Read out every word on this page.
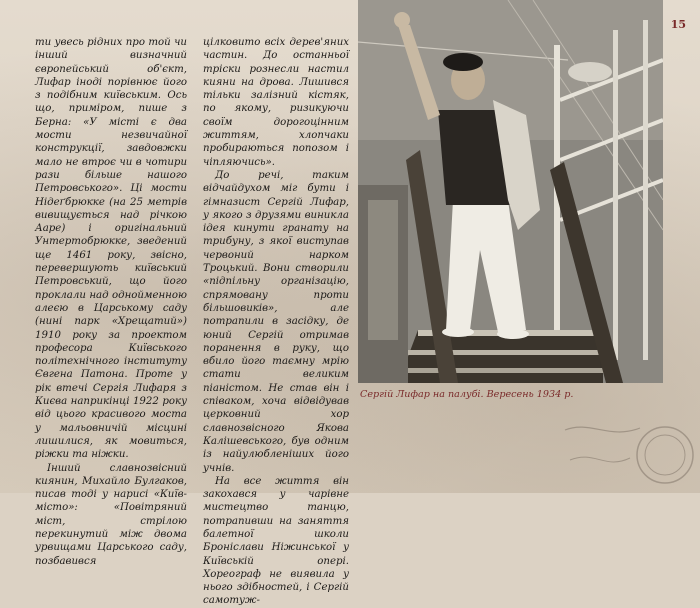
15

ти увесь рідних про той чи інший визначний європейський об'єкт, Лифар іноді порівнює його з подібним київським. Ось що, приміром, пише з Берна: «У місті є два мости незвичайної конструкції, завдовжки мало не втроє чи в чотири рази більше нашого Петровського». Ці мости Нідеґбрюкке (на 25 метрів вивищується над річкою Ааре) і оригінальний Унтертобрюкке, зведений ще 1461 року, звісно, перевершують київський Петровський, що його проклали над однойменною алеєю в Царському саду (нині парк «Хрещатий») 1910 року за проектом професора Київського політехнічного інституту Євгена Патона. Проте у рік втечі Сергія Лифаря з Києва наприкінці 1922 року від цього красивого моста у мальовничій місцині лишилися, як мовиться, ріжки та ніжки.

Інший славнозвісний киянин, Михайло Булгаков, писав тоді у нарисі «Київ-місто»: «Повітряний міст, стрілою перекинутий між двома урвищами Царського саду, позбавився

цілковито всіх дерев'яних частин. До останньої тріски рознесли настил кияни на дрова. Лишився тільки залізний кістяк, по якому, ризикуючи своїм дорогоцінним життям, хлопчаки пробираються попозом і чіпляючись».

До речі, таким відчайдухом міг бути і гімназист Сергій Лифар, у якого з друзями виникла ідея кинути гранату на трибуну, з якої виступав червоний нарком Троцький. Вони створили «підпільну організацію, спрямовану проти більшовиків», але потрапили в засідку, де юний Сергій отримав поранення в руку, що вбило його таємну мрію стати великим піаністом. Не став він і співаком, хоча відвідував церковний хор славнозвісного Якова Калішевського, був одним із найулюбленіших його учнів.

На все життя він закохався у чарівне мистецтво танцю, потрапивши на заняття балетної школи Броніслави Ніжинської у Київській опері. Хореограф не виявила у нього здібностей, і Сергій самотуж-

Сергій Лифар на палубі. Вересень 1934 р.
